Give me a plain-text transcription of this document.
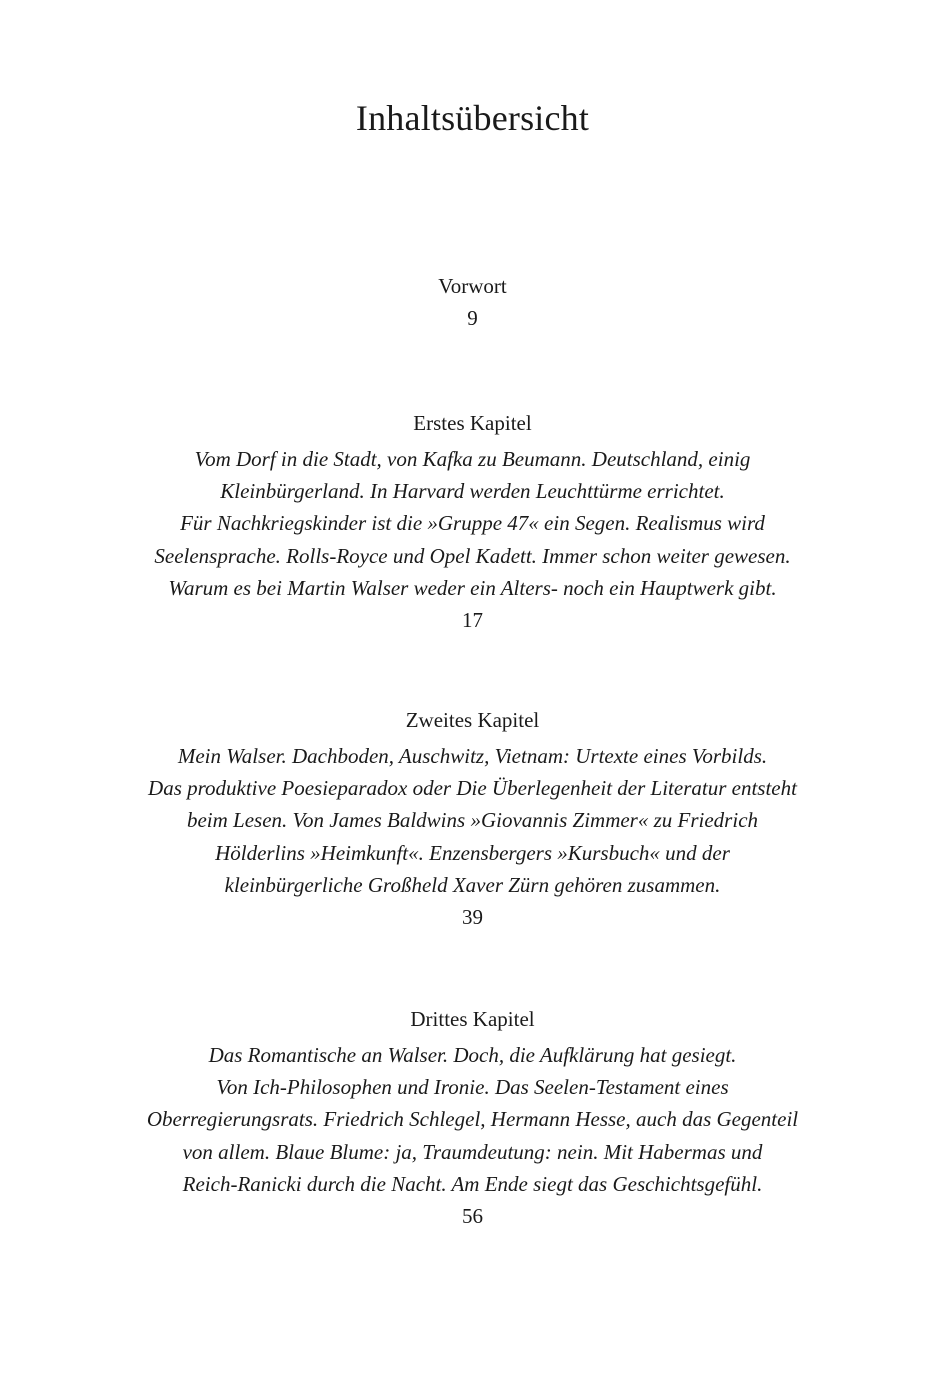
Inhaltsübersicht
Vorwort
9
Erstes Kapitel
Vom Dorf in die Stadt, von Kafka zu Beumann. Deutschland, einig
Kleinbürgerland. In Harvard werden Leuchttürme errichtet.
Für Nachkriegskinder ist die »Gruppe 47« ein Segen. Realismus wird
Seelensprache. Rolls-Royce und Opel Kadett. Immer schon weiter gewesen.
Warum es bei Martin Walser weder ein Alters- noch ein Hauptwerk gibt.
17
Zweites Kapitel
Mein Walser. Dachboden, Auschwitz, Vietnam: Urtexte eines Vorbilds.
Das produktive Poesieparadox oder Die Überlegenheit der Literatur entsteht
beim Lesen. Von James Baldwins »Giovannis Zimmer« zu Friedrich
Hölderlins »Heimkunft«. Enzensbergers »Kursbuch« und der
kleinbürgerliche Großheld Xaver Zürn gehören zusammen.
39
Drittes Kapitel
Das Romantische an Walser. Doch, die Aufklärung hat gesiegt.
Von Ich-Philosophen und Ironie. Das Seelen-Testament eines
Oberregierungsrats. Friedrich Schlegel, Hermann Hesse, auch das Gegenteil
von allem. Blaue Blume: ja, Traumdeutung: nein. Mit Habermas und
Reich-Ranicki durch die Nacht. Am Ende siegt das Geschichtsgefühl.
56
